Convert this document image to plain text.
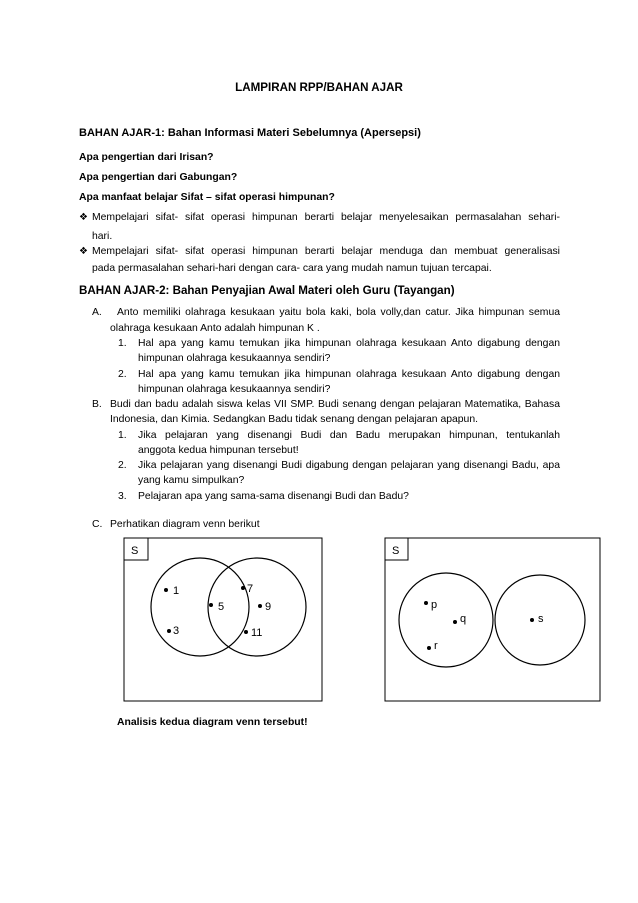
LAMPIRAN RPP/BAHAN AJAR
BAHAN AJAR-1: Bahan Informasi Materi Sebelumnya (Apersepsi)
Apa pengertian dari Irisan?
Apa pengertian dari Gabungan?
Apa manfaat belajar Sifat – sifat operasi himpunan?
❖ Mempelajari sifat- sifat operasi himpunan berarti belajar menyelesaikan permasalahan sehari-
hari.
❖ Mempelajari sifat- sifat operasi himpunan berarti belajar menduga dan membuat generalisasi
pada permasalahan sehari-hari dengan cara- cara yang mudah namun tujuan tercapai.
BAHAN AJAR-2: Bahan Penyajian Awal Materi oleh Guru (Tayangan)
A. Anto memiliki olahraga kesukaan yaitu bola kaki, bola volly,dan catur. Jika himpunan semua
olahraga kesukaan Anto adalah himpunan K .
1. Hal apa yang kamu temukan jika himpunan olahraga kesukaan Anto digabung dengan
himpunan olahraga kesukaannya sendiri?
2. Hal apa yang kamu temukan jika himpunan olahraga kesukaan Anto digabung dengan
himpunan olahraga kesukaannya sendiri?
B. Budi dan badu adalah siswa kelas VII SMP. Budi senang dengan pelajaran Matematika, Bahasa
Indonesia, dan Kimia. Sedangkan Badu tidak senang dengan pelajaran apapun.
1. Jika pelajaran yang disenangi Budi dan Badu merupakan himpunan, tentukanlah
anggota kedua himpunan tersebut!
2. Jika pelajaran yang disenangi Budi digabung dengan pelajaran yang disenangi Badu, apa
yang kamu simpulkan?
3. Pelajaran apa yang sama-sama disenangi Budi dan Badu?
C. Perhatikan diagram venn berikut
S
1
3
5
7
9
11
S
p
q
r
s
Analisis kedua diagram venn tersebut!
